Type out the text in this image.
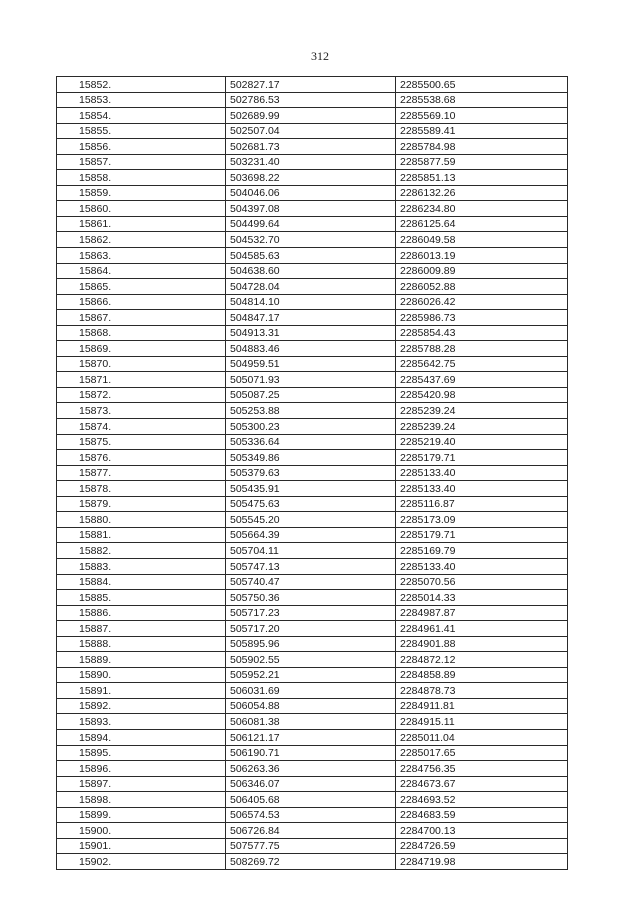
312
15852.	502827.17	2285500.65
15853.	502786.53	2285538.68
15854.	502689.99	2285569.10
15855.	502507.04	2285589.41
15856.	502681.73	2285784.98
15857.	503231.40	2285877.59
15858.	503698.22	2285851.13
15859.	504046.06	2286132.26
15860.	504397.08	2286234.80
15861.	504499.64	2286125.64
15862.	504532.70	2286049.58
15863.	504585.63	2286013.19
15864.	504638.60	2286009.89
15865.	504728.04	2286052.88
15866.	504814.10	2286026.42
15867.	504847.17	2285986.73
15868.	504913.31	2285854.43
15869.	504883.46	2285788.28
15870.	504959.51	2285642.75
15871.	505071.93	2285437.69
15872.	505087.25	2285420.98
15873.	505253.88	2285239.24
15874.	505300.23	2285239.24
15875.	505336.64	2285219.40
15876.	505349.86	2285179.71
15877.	505379.63	2285133.40
15878.	505435.91	2285133.40
15879.	505475.63	2285116.87
15880.	505545.20	2285173.09
15881.	505664.39	2285179.71
15882.	505704.11	2285169.79
15883.	505747.13	2285133.40
15884.	505740.47	2285070.56
15885.	505750.36	2285014.33
15886.	505717.23	2284987.87
15887.	505717.20	2284961.41
15888.	505895.96	2284901.88
15889.	505902.55	2284872.12
15890.	505952.21	2284858.89
15891.	506031.69	2284878.73
15892.	506054.88	2284911.81
15893.	506081.38	2284915.11
15894.	506121.17	2285011.04
15895.	506190.71	2285017.65
15896.	506263.36	2284756.35
15897.	506346.07	2284673.67
15898.	506405.68	2284693.52
15899.	506574.53	2284683.59
15900.	506726.84	2284700.13
15901.	507577.75	2284726.59
15902.	508269.72	2284719.98
